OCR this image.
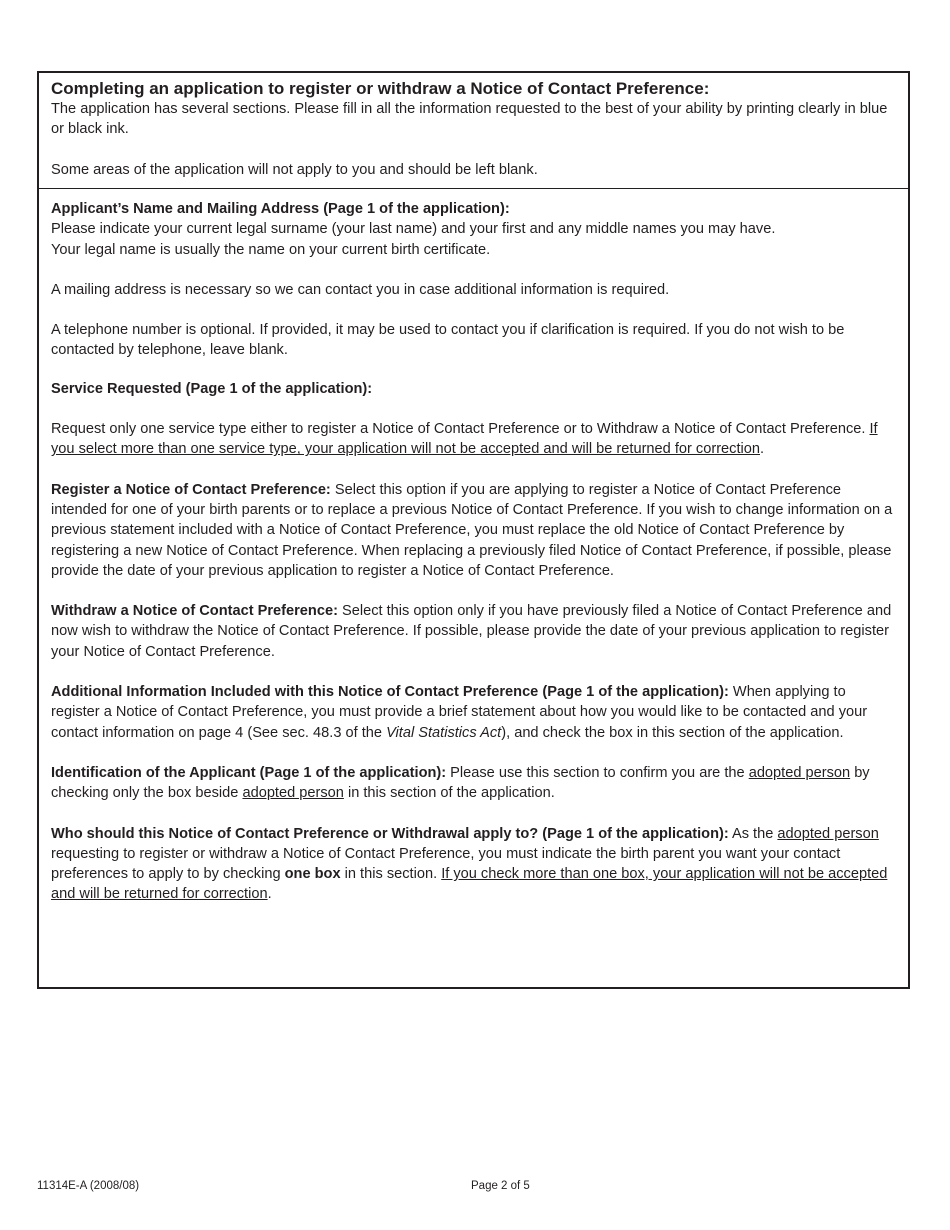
Completing an application to register or withdraw a Notice of Contact Preference:

The application has several sections. Please fill in all the information requested to the best of your ability by printing clearly in blue or black ink.

Some areas of the application will not apply to you and should be left blank.

Applicant’s Name and Mailing Address (Page 1 of the application):
Please indicate your current legal surname (your last name) and your first and any middle names you may have.
Your legal name is usually the name on your current birth certificate.

A mailing address is necessary so we can contact you in case additional information is required.

A telephone number is optional. If provided, it may be used to contact you if clarification is required. If you do not wish to be contacted by telephone, leave blank.

Service Requested (Page 1 of the application):

Request only one service type either to register a Notice of Contact Preference or to Withdraw a Notice of Contact Preference. If you select more than one service type, your application will not be accepted and will be returned for correction.

Register a Notice of Contact Preference: Select this option if you are applying to register a Notice of Contact Preference intended for one of your birth parents or to replace a previous Notice of Contact Preference. If you wish to change information on a previous statement included with a Notice of Contact Preference, you must replace the old Notice of Contact Preference by registering a new Notice of Contact Preference. When replacing a previously filed Notice of Contact Preference, if possible, please provide the date of your previous application to register a Notice of Contact Preference.

Withdraw a Notice of Contact Preference: Select this option only if you have previously filed a Notice of Contact Preference and now wish to withdraw the Notice of Contact Preference. If possible, please provide the date of your previous application to register your Notice of Contact Preference.

Additional Information Included with this Notice of Contact Preference (Page 1 of the application): When applying to register a Notice of Contact Preference, you must provide a brief statement about how you would like to be contacted and your contact information on page 4 (See sec. 48.3 of the Vital Statistics Act), and check the box in this section of the application.

Identification of the Applicant (Page 1 of the application): Please use this section to confirm you are the adopted person by checking only the box beside adopted person in this section of the application.

Who should this Notice of Contact Preference or Withdrawal apply to? (Page 1 of the application): As the adopted person requesting to register or withdraw a Notice of Contact Preference, you must indicate the birth parent you want your contact preferences to apply to by checking one box in this section. If you check more than one box, your application will not be accepted and will be returned for correction.

11314E-A (2008/08)	Page 2 of 5
